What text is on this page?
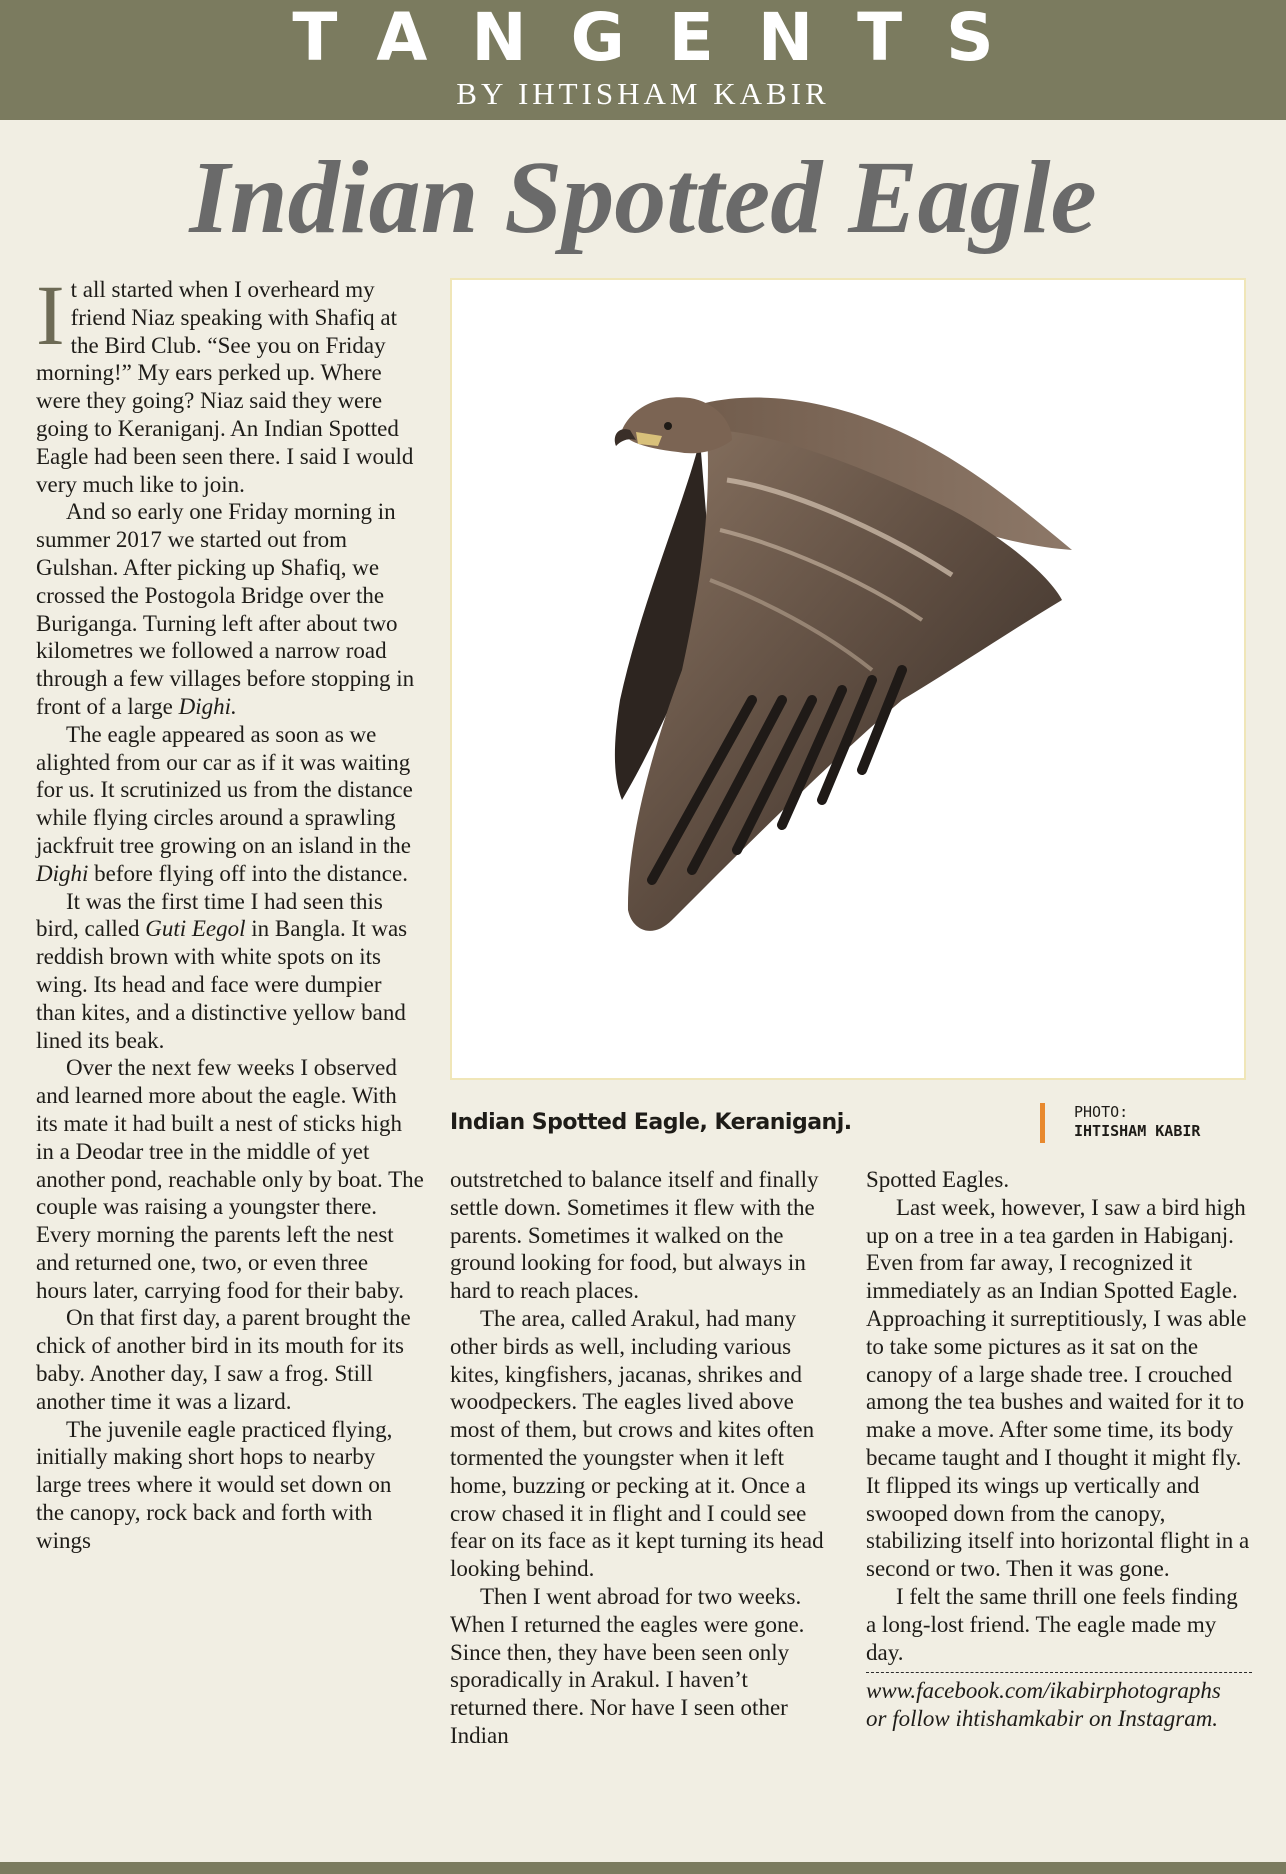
TANGENTS
BY IHTISHAM KABIR
Indian Spotted Eagle
I t all started when I overheard my friend Niaz speaking with Shafiq at the Bird Club. “See you on Friday morning!” My ears perked up. Where were they going? Niaz said they were going to Keraniganj. An Indian Spotted Eagle had been seen there. I said I would very much like to join.

And so early one Friday morning in summer 2017 we started out from Gulshan. After picking up Shafiq, we crossed the Postogola Bridge over the Buriganga. Turning left after about two kilometres we followed a narrow road through a few villages before stopping in front of a large Dighi.

The eagle appeared as soon as we alighted from our car as if it was waiting for us. It scrutinized us from the distance while flying circles around a sprawling jackfruit tree growing on an island in the Dighi before flying off into the distance.

It was the first time I had seen this bird, called Guti Eegol in Bangla. It was reddish brown with white spots on its wing. Its head and face were dumpier than kites, and a distinctive yellow band lined its beak.

Over the next few weeks I observed and learned more about the eagle. With its mate it had built a nest of sticks high in a Deodar tree in the middle of yet another pond, reachable only by boat. The couple was raising a youngster there. Every morning the parents left the nest and returned one, two, or even three hours later, carrying food for their baby.

On that first day, a parent brought the chick of another bird in its mouth for its baby. Another day, I saw a frog. Still another time it was a lizard.

The juvenile eagle practiced flying, initially making short hops to nearby large trees where it would set down on the canopy, rock back and forth with wings

Indian Spotted Eagle, Keraniganj.	PHOTO:
IHTISHAM KABIR

outstretched to balance itself and finally settle down. Sometimes it flew with the parents. Sometimes it walked on the ground looking for food, but always in hard to reach places.

The area, called Arakul, had many other birds as well, including various kites, kingfishers, jacanas, shrikes and woodpeckers. The eagles lived above most of them, but crows and kites often tormented the youngster when it left home, buzzing or pecking at it. Once a crow chased it in flight and I could see fear on its face as it kept turning its head looking behind.

Then I went abroad for two weeks. When I returned the eagles were gone. Since then, they have been seen only sporadically in Arakul. I haven’t returned there. Nor have I seen other Indian

Spotted Eagles.

Last week, however, I saw a bird high up on a tree in a tea garden in Habiganj. Even from far away, I recognized it immediately as an Indian Spotted Eagle. Approaching it surreptitiously, I was able to take some pictures as it sat on the canopy of a large shade tree. I crouched among the tea bushes and waited for it to make a move. After some time, its body became taught and I thought it might fly. It flipped its wings up vertically and swooped down from the canopy, stabilizing itself into horizontal flight in a second or two. Then it was gone.

I felt the same thrill one feels finding a long-lost friend. The eagle made my day.

www.facebook.com/ikabirphotographs

or follow ihtishamkabir on Instagram.
